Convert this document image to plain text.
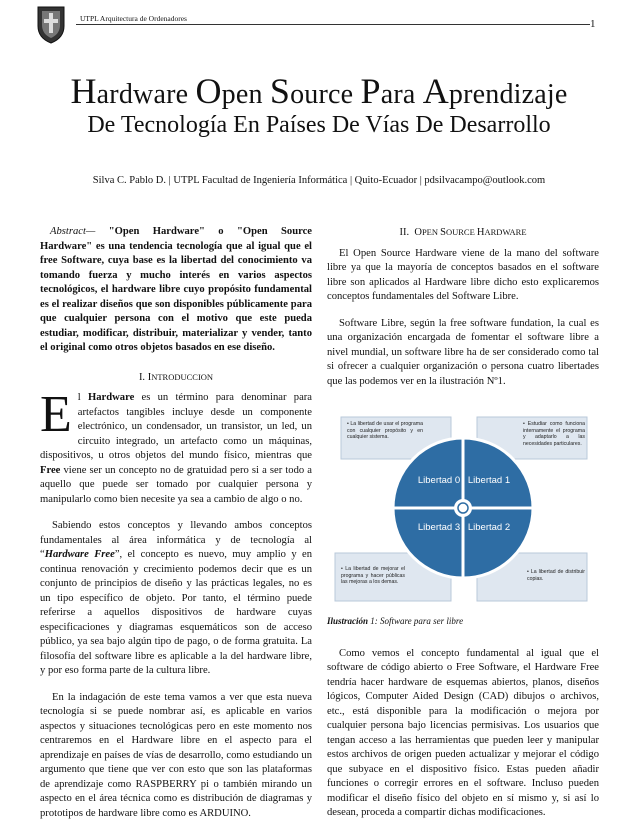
UTPL Arquitectura de Ordenadores	1
Hardware Open Source Para Aprendizaje
De Tecnología En Países De Vías De Desarrollo
Silva C. Pablo D. | UTPL Facultad de Ingeniería Informática | Quito-Ecuador | pdsilvacampo@outlook.com

Abstract— "Open Hardware" o "Open Source Hardware" es una tendencia tecnología que al igual que el free Software, cuya base es la libertad del conocimiento va tomando fuerza y mucho interés en varios aspectos tecnológicos, el hardware libre cuyo propósito fundamental es el realizar diseños que son disponibles públicamente para que cualquier persona con el motivo que este pueda estudiar, modificar, distribuir, materializar y vender, tanto el original como otros objetos basados en ese diseño.

I. INTRODUCCION

El Hardware es un término para denominar para artefactos tangibles incluye desde un componente electrónico, un condensador, un transistor, un led, un circuito integrado, un artefacto como un máquinas, dispositivos, u otros objetos del mundo físico, mientras que Free viene ser un concepto no de gratuidad pero si a ser todo a aquello que puede ser tomado por cualquier persona y manipularlo como bien necesite ya sea a cambio de algo o no.

Sabiendo estos conceptos y llevando ambos conceptos fundamentales al área informática y de tecnología al “Hardware Free”, el concepto es nuevo, muy amplio y en continua renovación y crecimiento podemos decir que es un conjunto de principios de diseño y las prácticas legales, no es un tipo específico de objeto. Por tanto, el término puede referirse a aquellos dispositivos de hardware cuyas especificaciones y diagramas esquemáticos son de acceso público, ya sea bajo algún tipo de pago, o de forma gratuita. La filosofía del software libre es aplicable a la del hardware libre, y por eso forma parte de la cultura libre.

En la indagación de este tema vamos a ver que esta nueva tecnología si se puede nombrar así, es aplicable en varios aspectos y situaciones tecnológicas pero en este momento nos centraremos en el Hardware libre en el aspecto para el aprendizaje en países de vías de desarrollo, como estudiando un argumento que tiene que ver con esto que son las plataformas de aprendizaje como RASPBERRY pi o también mirando un aspecto en el área técnica como es distribución de diagramas y prototipos de hardware libre como es ARDUINO.

II. OPEN SOURCE HARDWARE

El Open Source Hardware viene de la mano del software libre ya que la mayoría de conceptos basados en el software libre son aplicados al Hardware libre dicho esto explicaremos conceptos fundamentales del Software Libre.

Software Libre, según la free software fundation, la cual es una organización encargada de fomentar el software libre a nivel mundial, un software libre ha de ser considerado como tal si ofrecer a cualquier organización o persona cuatro libertades que las podemos ver en la ilustración Nº1.

• La libertad de usar el programa con cualquier propósito y en cualquier sistema.
• Estudiar como funciona internamente el programa y adaptarlo a las necesidades particulares.
• La libertad de mejorar el programa y hacer públicas las mejoras a los demas.
• La libertad de distribuir copias.
Libertad 0 Libertad 1
Libertad 3 Libertad 2

Ilustración 1: Software para ser libre

Como vemos el concepto fundamental al igual que el software de código abierto o Free Software, el Hardware Free tendría hacer hardware de esquemas abiertos, planos, diseños lógicos, Computer Aided Design (CAD) dibujos o archivos, etc., está disponible para la modificación o mejora por cualquier persona bajo licencias permisivas. Los usuarios que tengan acceso a las herramientas que pueden leer y manipular estos archivos de origen pueden actualizar y mejorar el código que subyace en el dispositivo físico. Estas pueden añadir funciones o corregir errores en el software. Incluso pueden modificar el diseño físico del objeto en sí mismo y, si así lo desean, proceda a compartir dichas modificaciones.
